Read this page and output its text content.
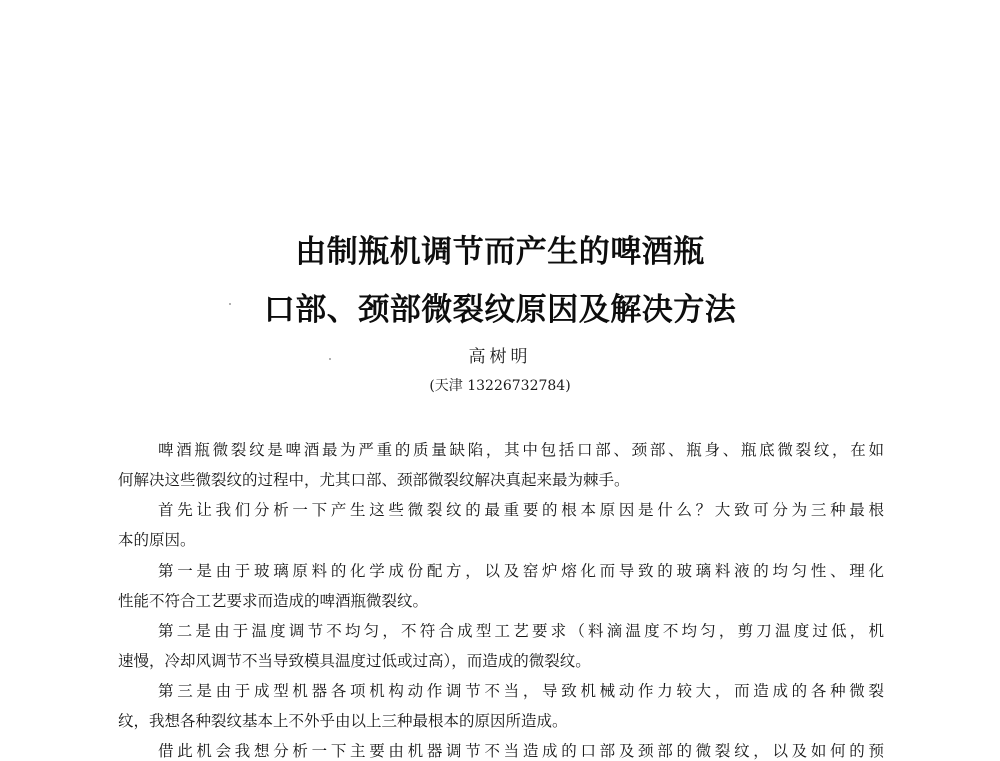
由制瓶机调节而产生的啤酒瓶
口部、颈部微裂纹原因及解决方法
高树明
(天津 13226732784)
啤酒瓶微裂纹是啤酒最为严重的质量缺陷，其中包括口部、颈部、瓶身、瓶底微裂纹，在如
何解决这些微裂纹的过程中，尤其口部、颈部微裂纹解决真起来最为棘手。
首先让我们分析一下产生这些微裂纹的最重要的根本原因是什么？大致可分为三种最根
本的原因。
第一是由于玻璃原料的化学成份配方，以及窑炉熔化而导致的玻璃料液的均匀性、理化
性能不符合工艺要求而造成的啤酒瓶微裂纹。
第二是由于温度调节不均匀，不符合成型工艺要求（料滴温度不均匀，剪刀温度过低，机
速慢，冷却风调节不当导致模具温度过低或过高），而造成的微裂纹。
第三是由于成型机器各项机构动作调节不当，导致机械动作力较大，而造成的各种微裂
纹，我想各种裂纹基本上不外乎由以上三种最根本的原因所造成。
借此机会我想分析一下主要由机器调节不当造成的口部及颈部的微裂纹，以及如何的预
